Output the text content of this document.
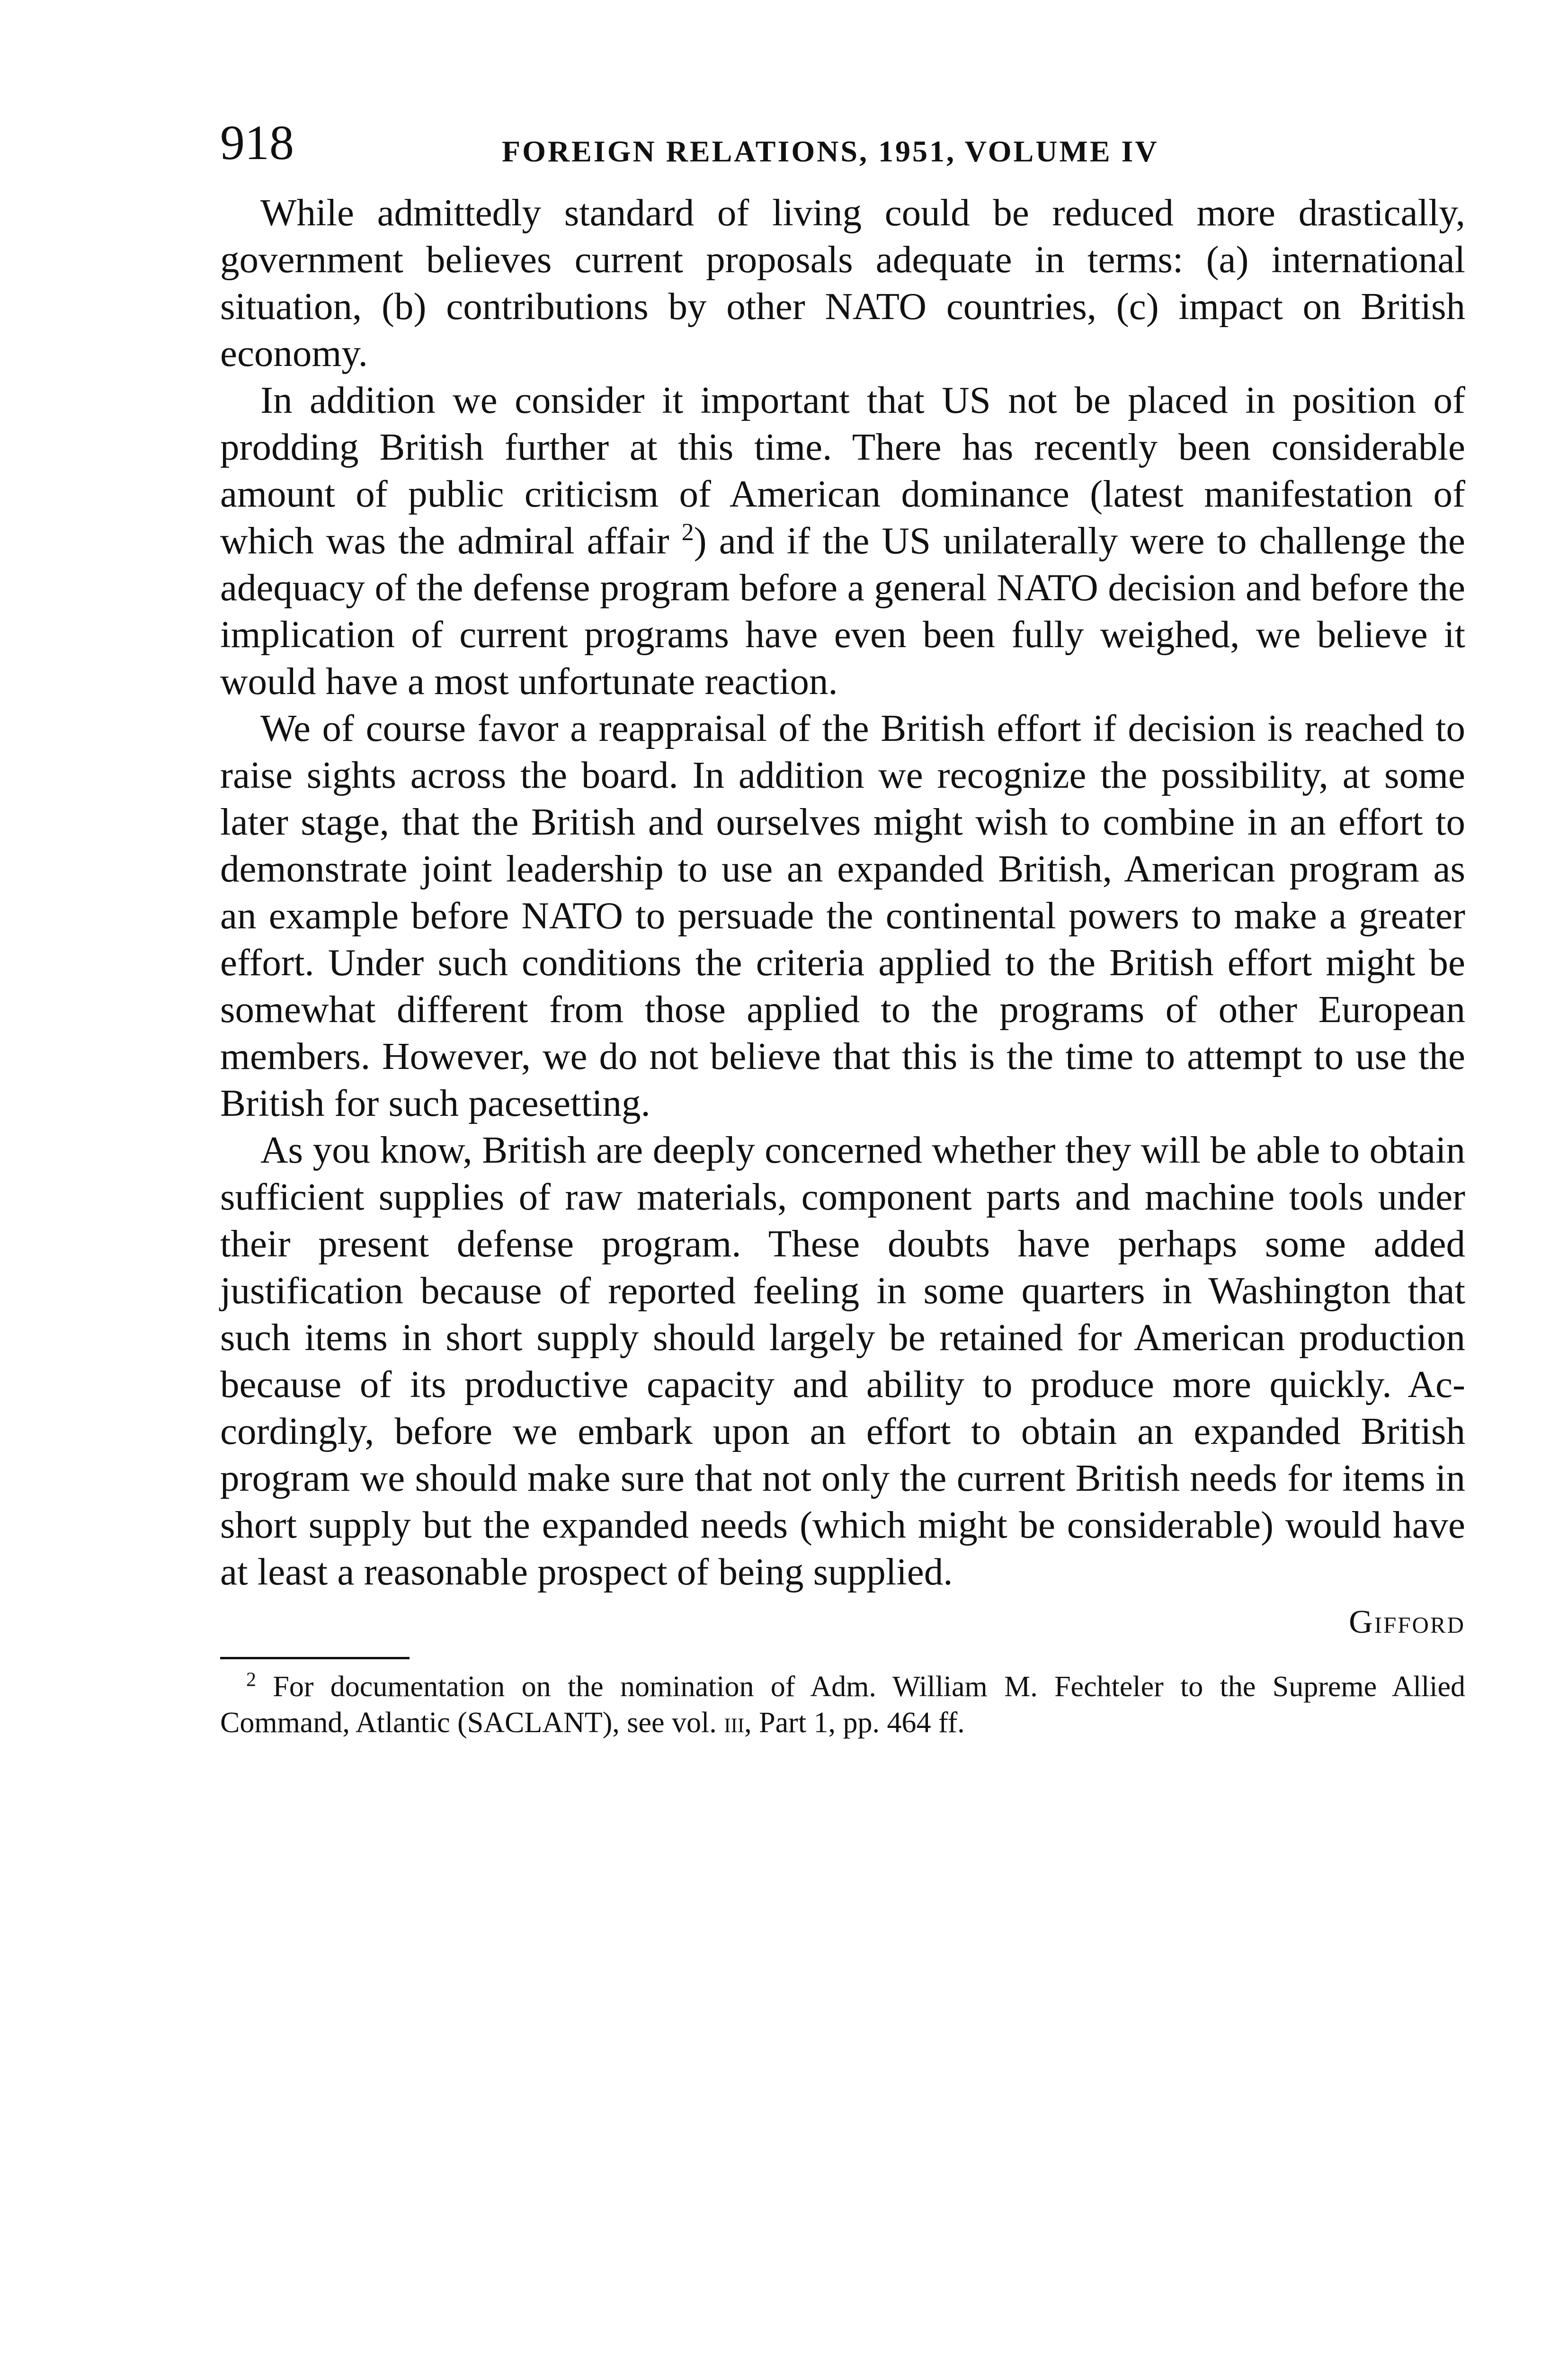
918	FOREIGN RELATIONS, 1951, VOLUME IV

While admittedly standard of living could be reduced more drastically, government believes current proposals adequate in terms: (a) international situation, (b) contributions by other NATO countries, (c) impact on British economy.

In addition we consider it important that US not be placed in position of prodding British further at this time. There has recently been considerable amount of public criticism of American dominance (latest manifestation of which was the admiral affair $^2$) and if the US unilaterally were to challenge the adequacy of the defense program before a general NATO decision and before the implication of current programs have even been fully weighed, we believe it would have a most unfortunate reaction.

We of course favor a reappraisal of the British effort if decision is reached to raise sights across the board. In addition we recognize the possibility, at some later stage, that the British and ourselves might wish to combine in an effort to demonstrate joint leadership to use an expanded British, American program as an example before NATO to persuade the continental powers to make a greater effort. Under such conditions the criteria applied to the British effort might be somewhat different from those applied to the programs of other European members. However, we do not believe that this is the time to attempt to use the British for such pacesetting.

As you know, British are deeply concerned whether they will be able to obtain sufficient supplies of raw materials, component parts and machine tools under their present defense program. These doubts have perhaps some added justification because of reported feeling in some quarters in Washington that such items in short supply should largely be retained for American production because of its productive capacity and ability to produce more quickly. Accordingly, before we embark upon an effort to obtain an expanded British program we should make sure that not only the current British needs for items in short supply but the expanded needs (which might be considerable) would have at least a reasonable prospect of being supplied.

Gifford

$^2$ For documentation on the nomination of Adm. William M. Fechteler to the Supreme Allied Command, Atlantic (SACLANT), see vol. iii, Part 1, pp. 464 ff.
